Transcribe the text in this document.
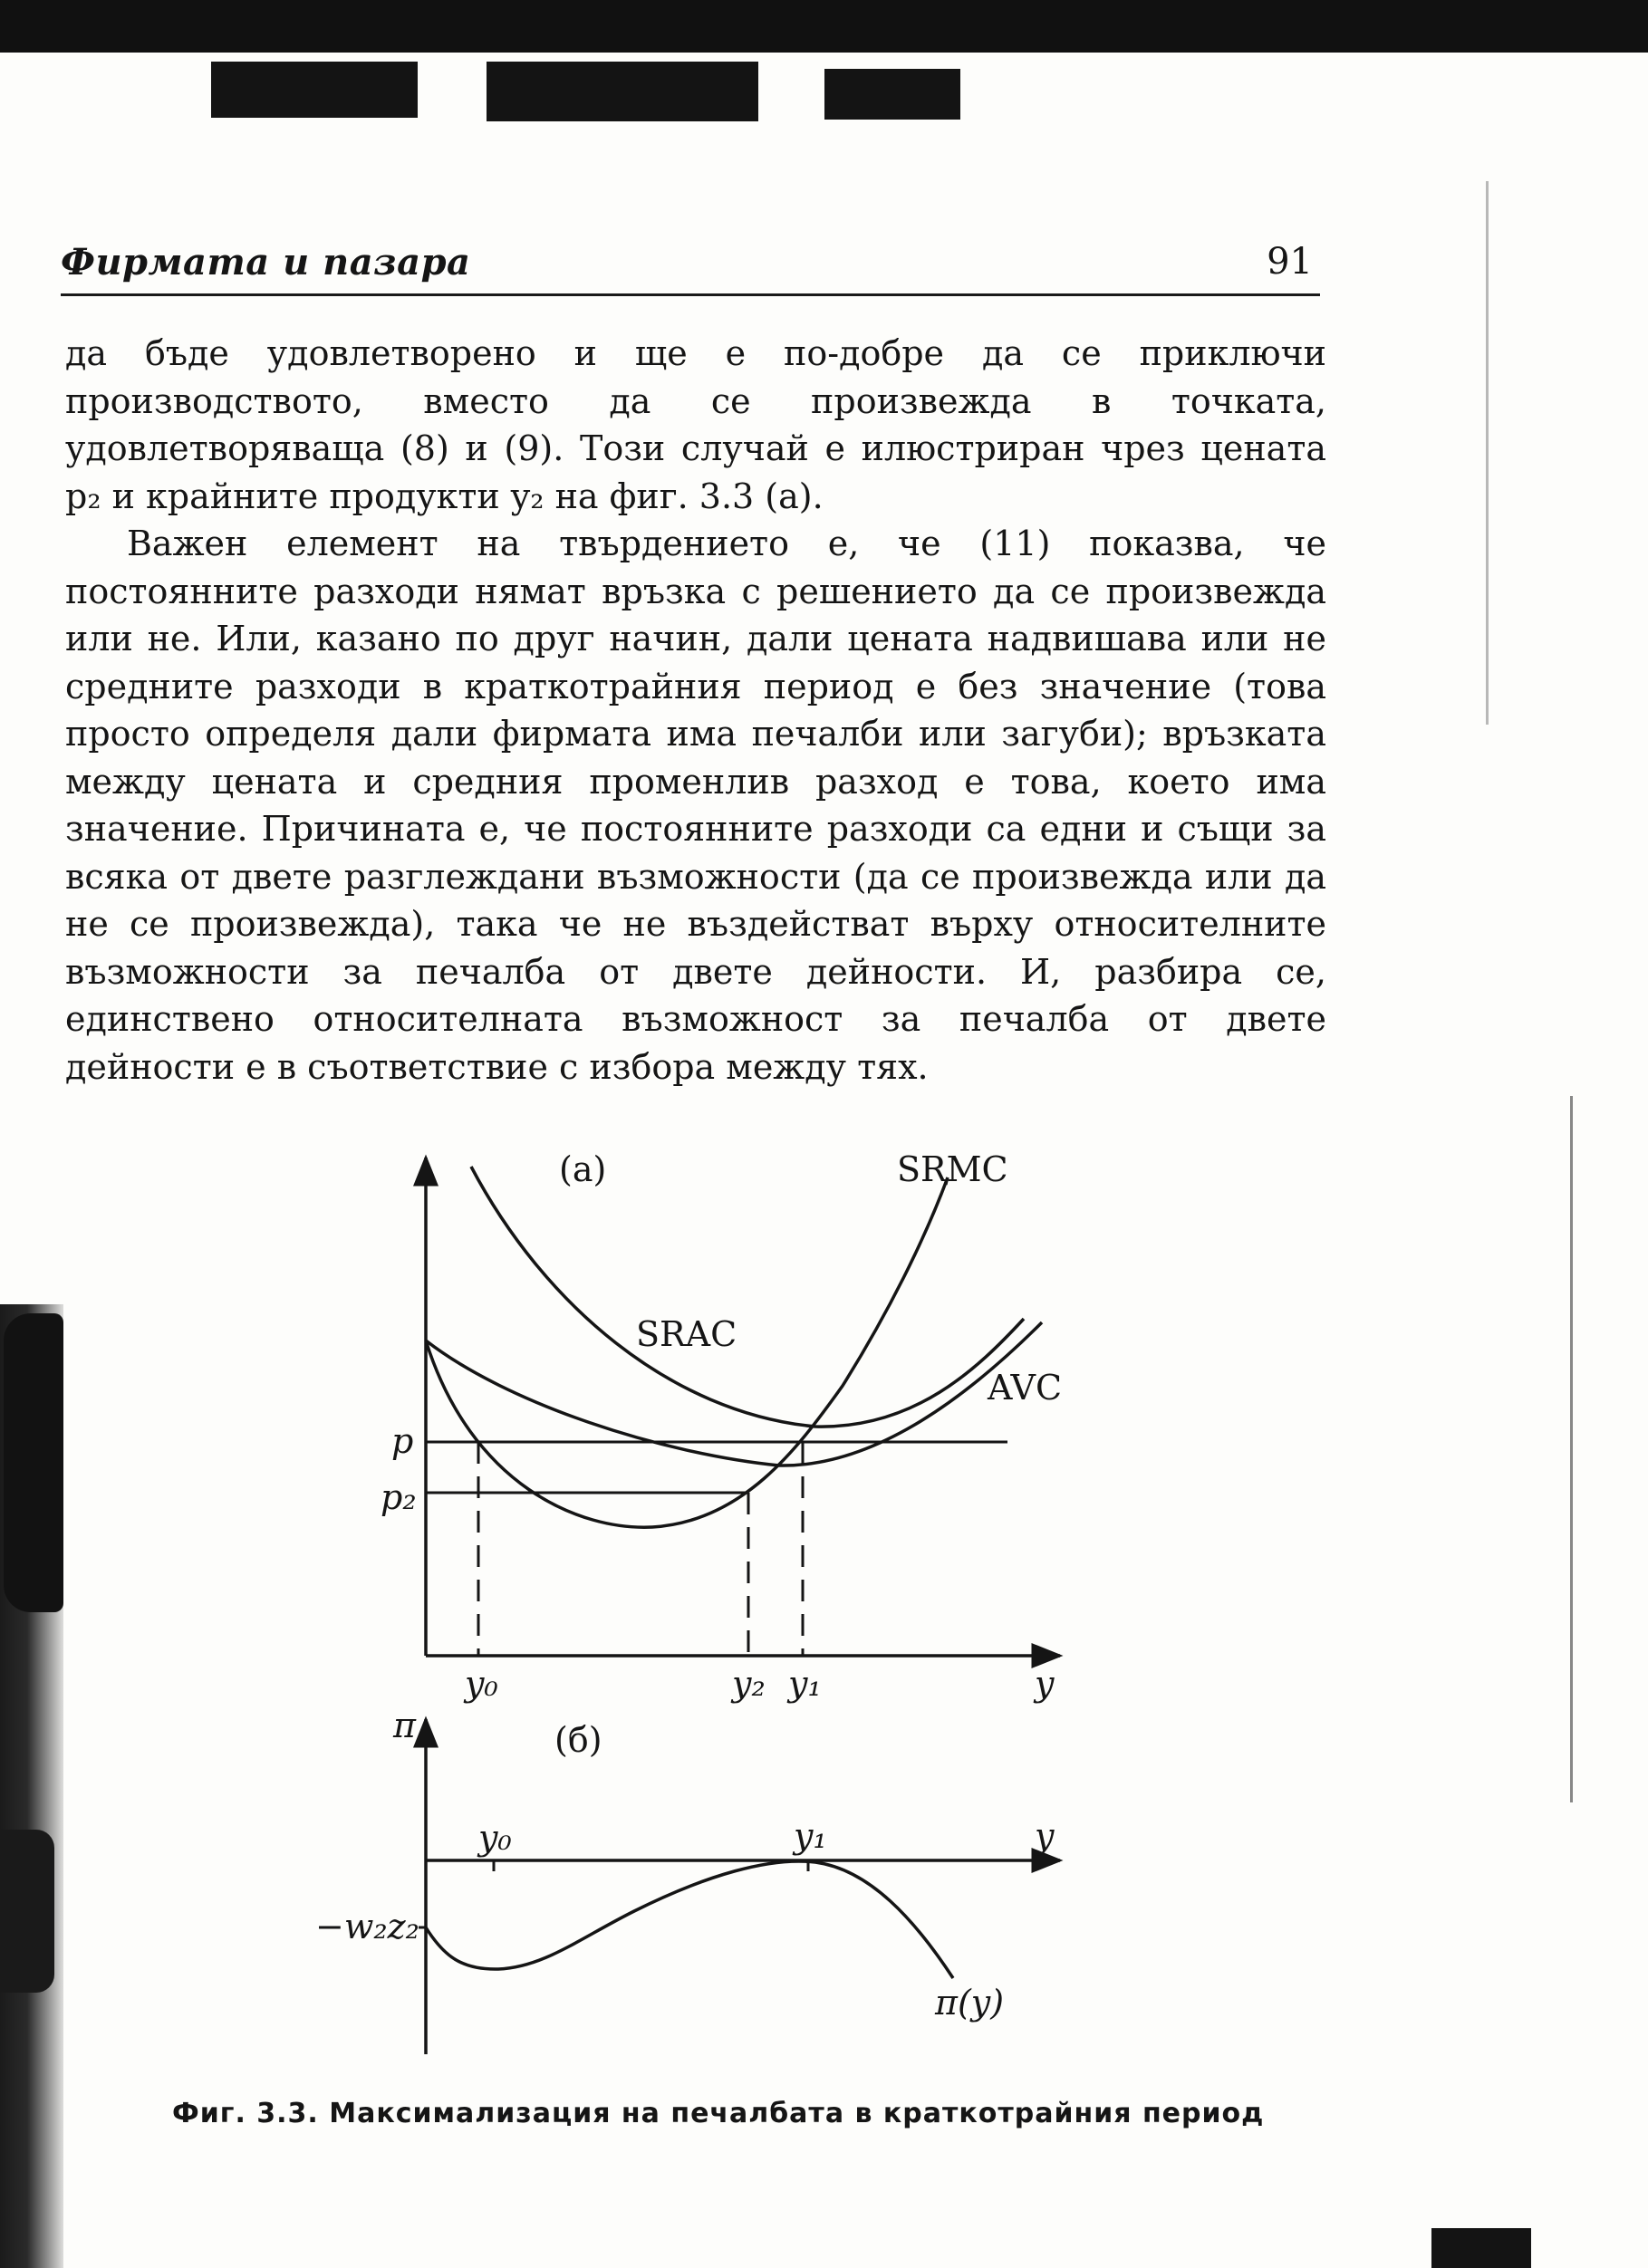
Фирмата и пазара	91

да бъде удовлетворено и ще е по-добре да се приключи производството, вместо да се произвежда в точката, удовлетворяваща (8) и (9). Този случай е илюстриран чрез цената p₂ и крайните продукти y₂ на фиг. 3.3 (a).

Важен елемент на твърдението е, че (11) показва, че постоянните разходи нямат връзка с решението да се произвежда или не. Или, казано по друг начин, дали цената надвишава или не средните разходи в краткотрайния период е без значение (това просто определя дали фирмата има печалби или загуби); връзката между цената и средния променлив разход е това, което има значение. Причината е, че постоянните разходи са едни и същи за всяка от двете разглеждани възможности (да се произвежда или да не се произвежда), така че не въздействат върху относителните възможности за печалба от двете дейности. И, разбира се, единствено относителната възможност за печалба от двете дейности е в съответствие с избора между тях.

(a)	SRMC
SRAC
AVC
p
p₂
y₀	y₂ y₁	y
(б)
π
y₀	y₁	y
−w₂z₂
π(y)
Фиг. 3.3. Максимализация на печалбата в краткотрайния период
